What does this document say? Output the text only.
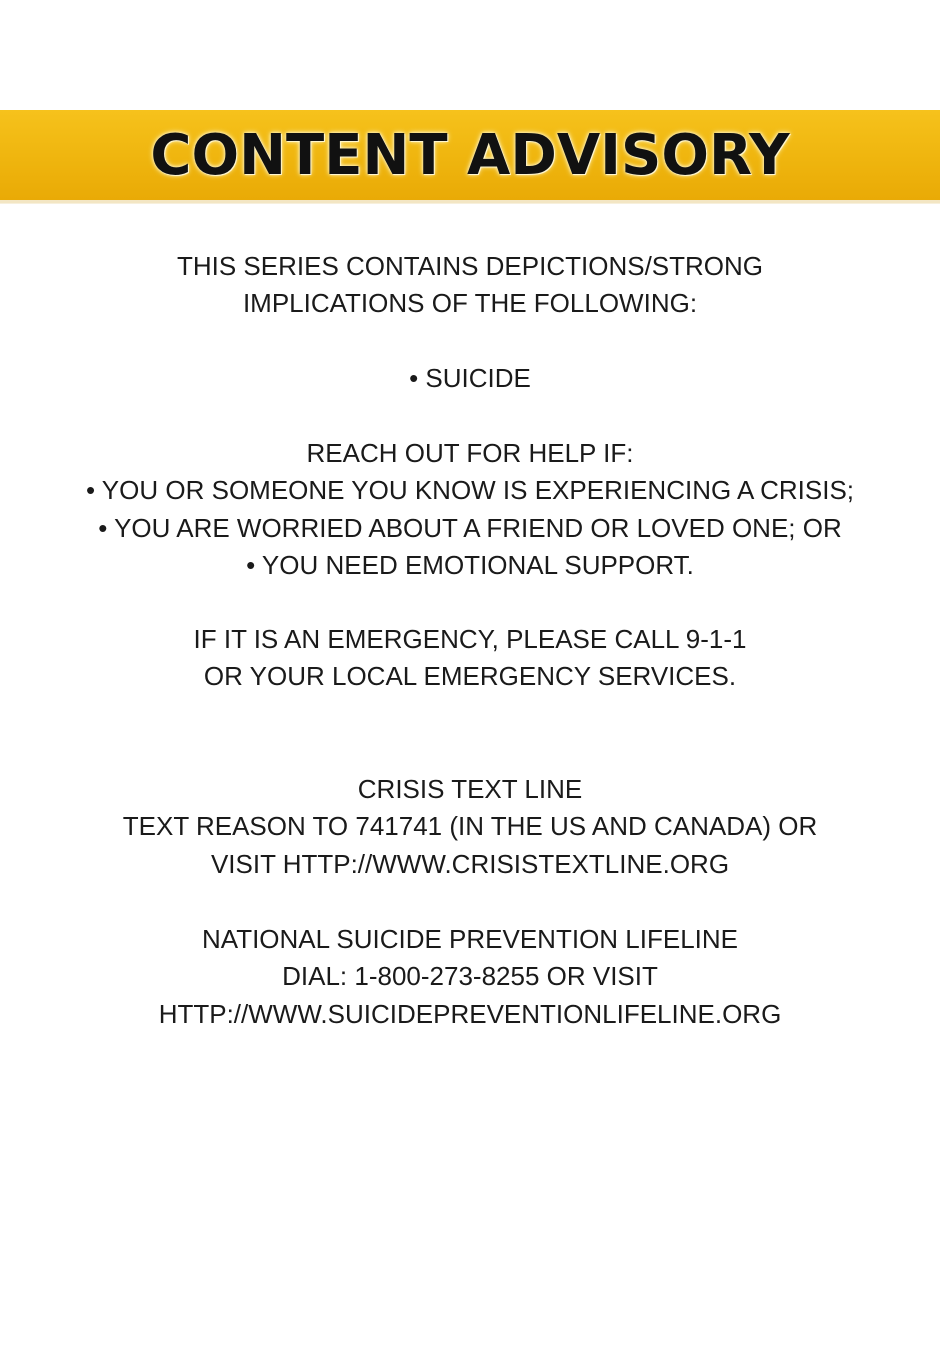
CONTENT ADVISORY
THIS SERIES CONTAINS DEPICTIONS/STRONG
IMPLICATIONS OF THE FOLLOWING:
• SUICIDE
REACH OUT FOR HELP IF:
• YOU OR SOMEONE YOU KNOW IS EXPERIENCING A CRISIS;
• YOU ARE WORRIED ABOUT A FRIEND OR LOVED ONE; OR
• YOU NEED EMOTIONAL SUPPORT.
IF IT IS AN EMERGENCY, PLEASE CALL 9-1-1
OR YOUR LOCAL EMERGENCY SERVICES.
CRISIS TEXT LINE
TEXT REASON TO 741741 (IN THE US AND CANADA) OR
VISIT HTTP://WWW.CRISISTEXTLINE.ORG
NATIONAL SUICIDE PREVENTION LIFELINE
DIAL: 1-800-273-8255 OR VISIT
HTTP://WWW.SUICIDEPREVENTIONLIFELINE.ORG
